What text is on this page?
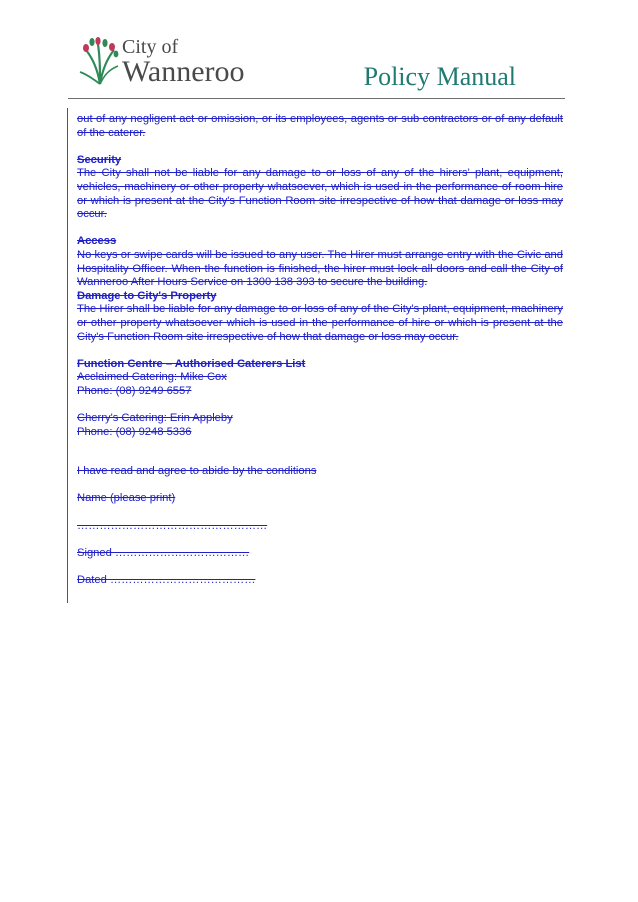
City of
Wanneroo	Policy Manual

out of any negligent act or omission, or its employees, agents or sub contractors or of any default of the caterer.

Security

The City shall not be liable for any damage to or loss of any of the hirers' plant, equipment, vehicles, machinery or other property whatsoever, which is used in the performance of room hire or which is present at the City's Function Room site irrespective of how that damage or loss may occur.

Access

No keys or swipe cards will be issued to any user. The Hirer must arrange entry with the Civic and Hospitality Officer. When the function is finished, the hirer must lock all doors and call the City of Wanneroo After Hours Service on 1300 138 393 to secure the building.

Damage to City's Property

The Hirer shall be liable for any damage to or loss of any of the City's plant, equipment, machinery or other property whatsoever which is used in the performance of hire or which is present at the City's Function Room site irrespective of how that damage or loss may occur.

Function Centre – Authorised Caterers List

Acclaimed Catering: Mike Cox

Phone: (08) 9249 6557

Cherry's Catering: Erin Appleby

Phone: (08) 9248 5336

I have read and agree to abide by the conditions

Name (please print)

……………………………………………

Signed ………………………………

Dated …………………………………
